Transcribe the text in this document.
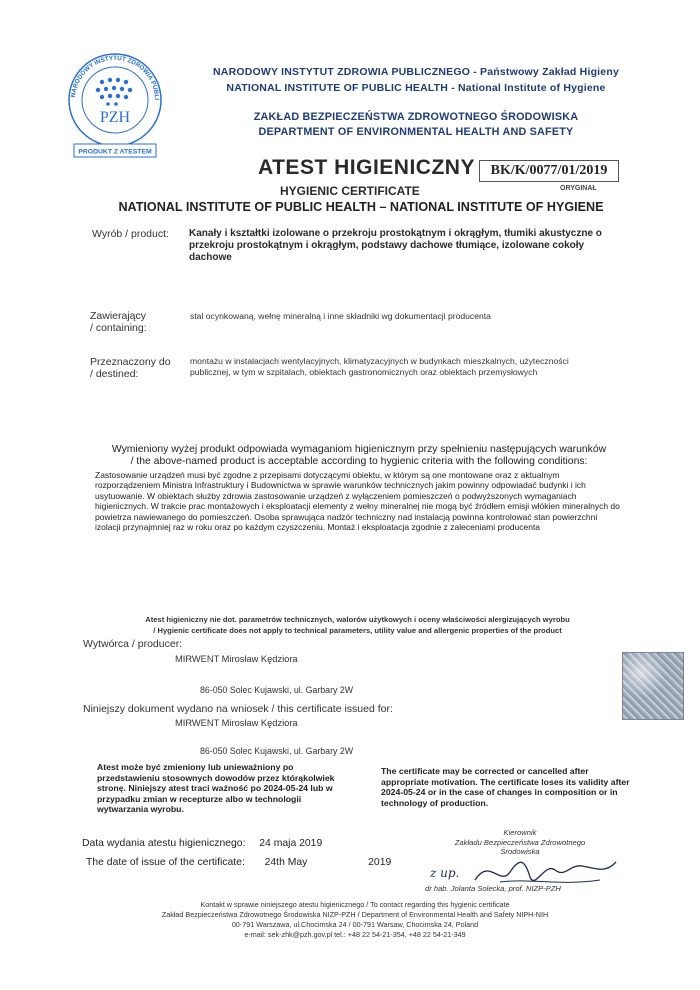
NARODOWY INSTYTUT ZDROWIA PUBLI
PZH
PRODUKT Z ATESTEM
NARODOWY INSTYTUT ZDROWIA PUBLICZNEGO - Państwowy Zakład Higieny
NATIONAL INSTITUTE OF PUBLIC HEALTH - National Institute of Hygiene
ZAKŁAD BEZPIECZEŃSTWA ZDROWOTNEGO ŚRODOWISKA
DEPARTMENT OF ENVIRONMENTAL HEALTH AND SAFETY
ATEST HIGIENICZNY	BK/K/0077/01/2019
ORYGINAŁ
HYGIENIC CERTIFICATE
NATIONAL INSTITUTE OF PUBLIC HEALTH – NATIONAL INSTITUTE OF HYGIENE
Wyrób / product: Kanały i kształtki izolowane o przekroju prostokątnym i okrągłym, tłumiki akustyczne o przekroju prostokątnym i okrągłym, podstawy dachowe tłumiące, izolowane cokoły dachowe
Zawierający
/ containing:
stal ocynkowaną, wełnę mineralną i inne składniki wg dokumentacji producenta
Przeznaczony do
/ destined:
montażu w instalacjach wentylacyjnych, klimatyzacyjnych w budynkach mieszkalnych, użyteczności publicznej, w tym w szpitalach, obiektach gastronomicznych oraz obiektach przemysłowych
Wymieniony wyżej produkt odpowiada wymaganiom higienicznym przy spełnieniu następujących warunków
/ the above-named product is acceptable according to hygienic criteria with the following conditions:
Zastosowanie urządzeń musi być zgodne z przepisami dotyczącymi obiektu, w którym są one montowane oraz z aktualnym rozporządzeniem Ministra Infrastruktury i Budownictwa w sprawie warunków technicznych jakim powinny odpowiadać budynki i ich usytuowanie. W obiektach służby zdrowia zastosowanie urządzeń z wyłączeniem pomieszczeń o podwyższonych wymaganiach higienicznych. W trakcie prac montażowych i eksploatacji elementy z wełny mineralnej nie mogą być źródłem emisji włókien mineralnych do powietrza nawiewanego do pomieszczeń. Osoba sprawująca nadzór techniczny nad instalacją powinna kontrolować stan powierzchni izolacji przynajmniej raz w roku oraz po każdym czyszczeniu. Montaż i eksploatacja zgodnie z zaleceniami producenta
Atest higieniczny nie dot. parametrów technicznych, walorów użytkowych i oceny właściwości alergizujących wyrobu
/ Hygienic certificate does not apply to technical parameters, utility value and allergenic properties of the product
Wytwórca / producer:
MIRWENT Mirosław Kędziora
86-050 Solec Kujawski, ul. Garbary 2W
Niniejszy dokument wydano na wniosek / this certificate issued for:
MIRWENT Mirosław Kędziora
86-050 Solec Kujawski, ul. Garbary 2W
Atest może być zmieniony lub unieważniony po przedstawieniu stosownych dowodów przez którąkolwiek stronę. Niniejszy atest traci ważność po 2024-05-24 lub w przypadku zmian w recepturze albo w technologii wytwarzania wyrobu.
The certificate may be corrected or cancelled after appropriate motivation. The certificate loses its validity after 2024-05-24 or in the case of changes in composition or in technology of production.
Data wydania atestu higienicznego: 24 maja 2019
The date of issue of the certificate: 24th May	2019
Kierownik
Zakładu Bezpieczeństwa Zdrowotnego
Środowiska
z up.
dr hab. Jolanta Solecka, prof. NIZP-PZH
Kontakt w sprawie niniejszego atestu higienicznego / To contact regarding this hygienic certificate
Zakład Bezpieczeństwa Zdrowotnego Środowiska NIZP-PZH / Department of Environmental Health and Safety NIPH-NIH
00-791 Warszawa, ul.Chocimska 24 / 00-791 Warsaw, Chocimska 24, Poland
e-mail: sek-zhk@pzh.gov.pl tel.: +48 22 54-21-354, +48 22 54-21-349
